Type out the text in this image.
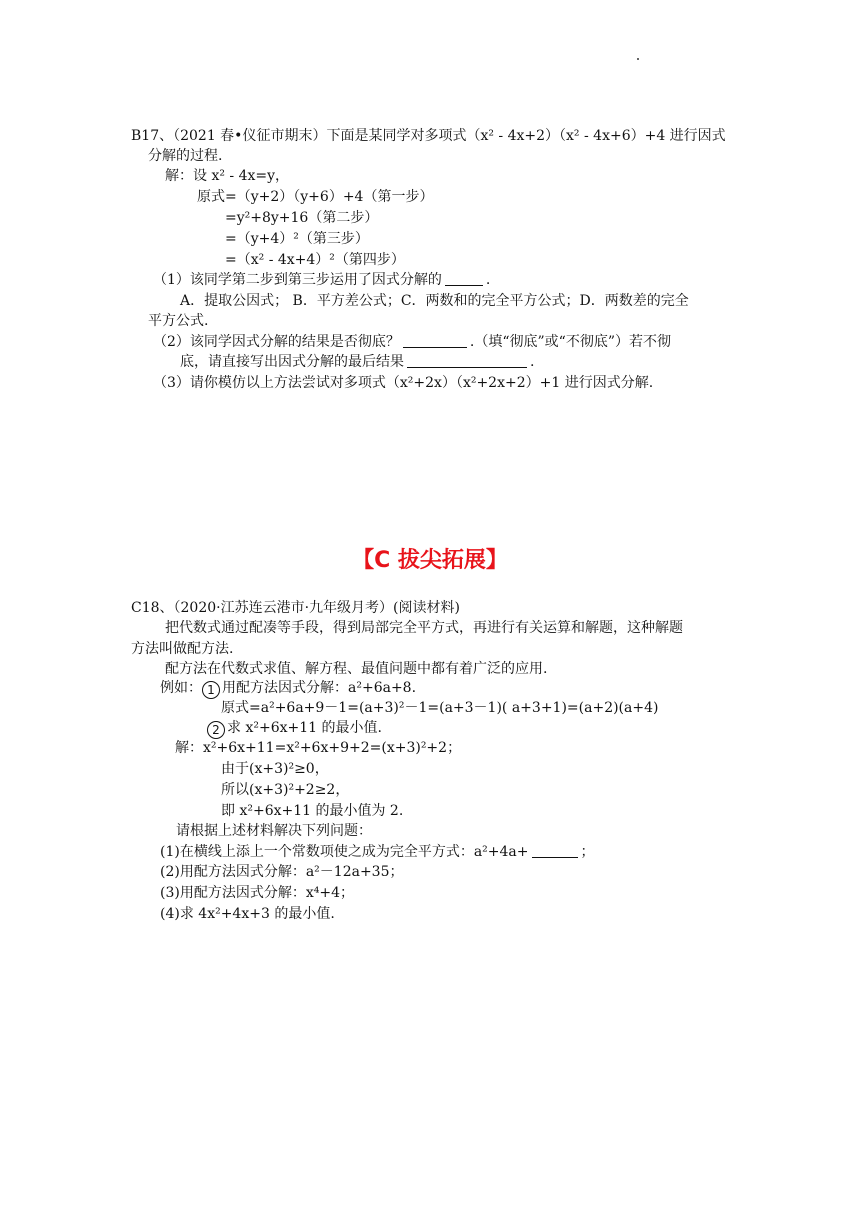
B17、（2021 春•仪征市期末）下面是某同学对多项式（x² - 4x+2）（x² - 4x+6）+4 进行因式
分解的过程.
解：设 x² - 4x=y，
原式=（y+2）（y+6）+4（第一步）
=y²+8y+16（第二步）
=（y+4）²（第三步）
=（x² - 4x+4）²（第四步）
（1）该同学第二步到第三步运用了因式分解的	.
A．提取公因式； B．平方差公式；C．两数和的完全平方公式；D．两数差的完全
平方公式.
（2）该同学因式分解的结果是否彻底？	.（填“彻底”或“不彻底”）若不彻
底，请直接写出因式分解的最后结果	.
（3）请你模仿以上方法尝试对多项式（x²+2x）（x²+2x+2）+1 进行因式分解.
【C 拔尖拓展】
C18、（2020·江苏连云港市·九年级月考）(阅读材料)
把代数式通过配凑等手段，得到局部完全平方式，再进行有关运算和解题，这种解题
方法叫做配方法.
配方法在代数式求值、解方程、最值问题中都有着广泛的应用.
例如： 1 用配方法因式分解：a²+6a+8.
原式=a²+6a+9－1=(a+3)²－1=(a+3－1)( a+3+1)=(a+2)(a+4)
2 求 x²+6x+11 的最小值.
解：x²+6x+11=x²+6x+9+2=(x+3)²+2；
由于(x+3)²≥0，
所以(x+3)²+2≥2，
即 x²+6x+11 的最小值为 2.
请根据上述材料解决下列问题：
(1)在横线上添上一个常数项使之成为完全平方式：a²+4a+	；
(2)用配方法因式分解：a²－12a+35；
(3)用配方法因式分解：x⁴+4；
(4)求 4x²+4x+3 的最小值.
